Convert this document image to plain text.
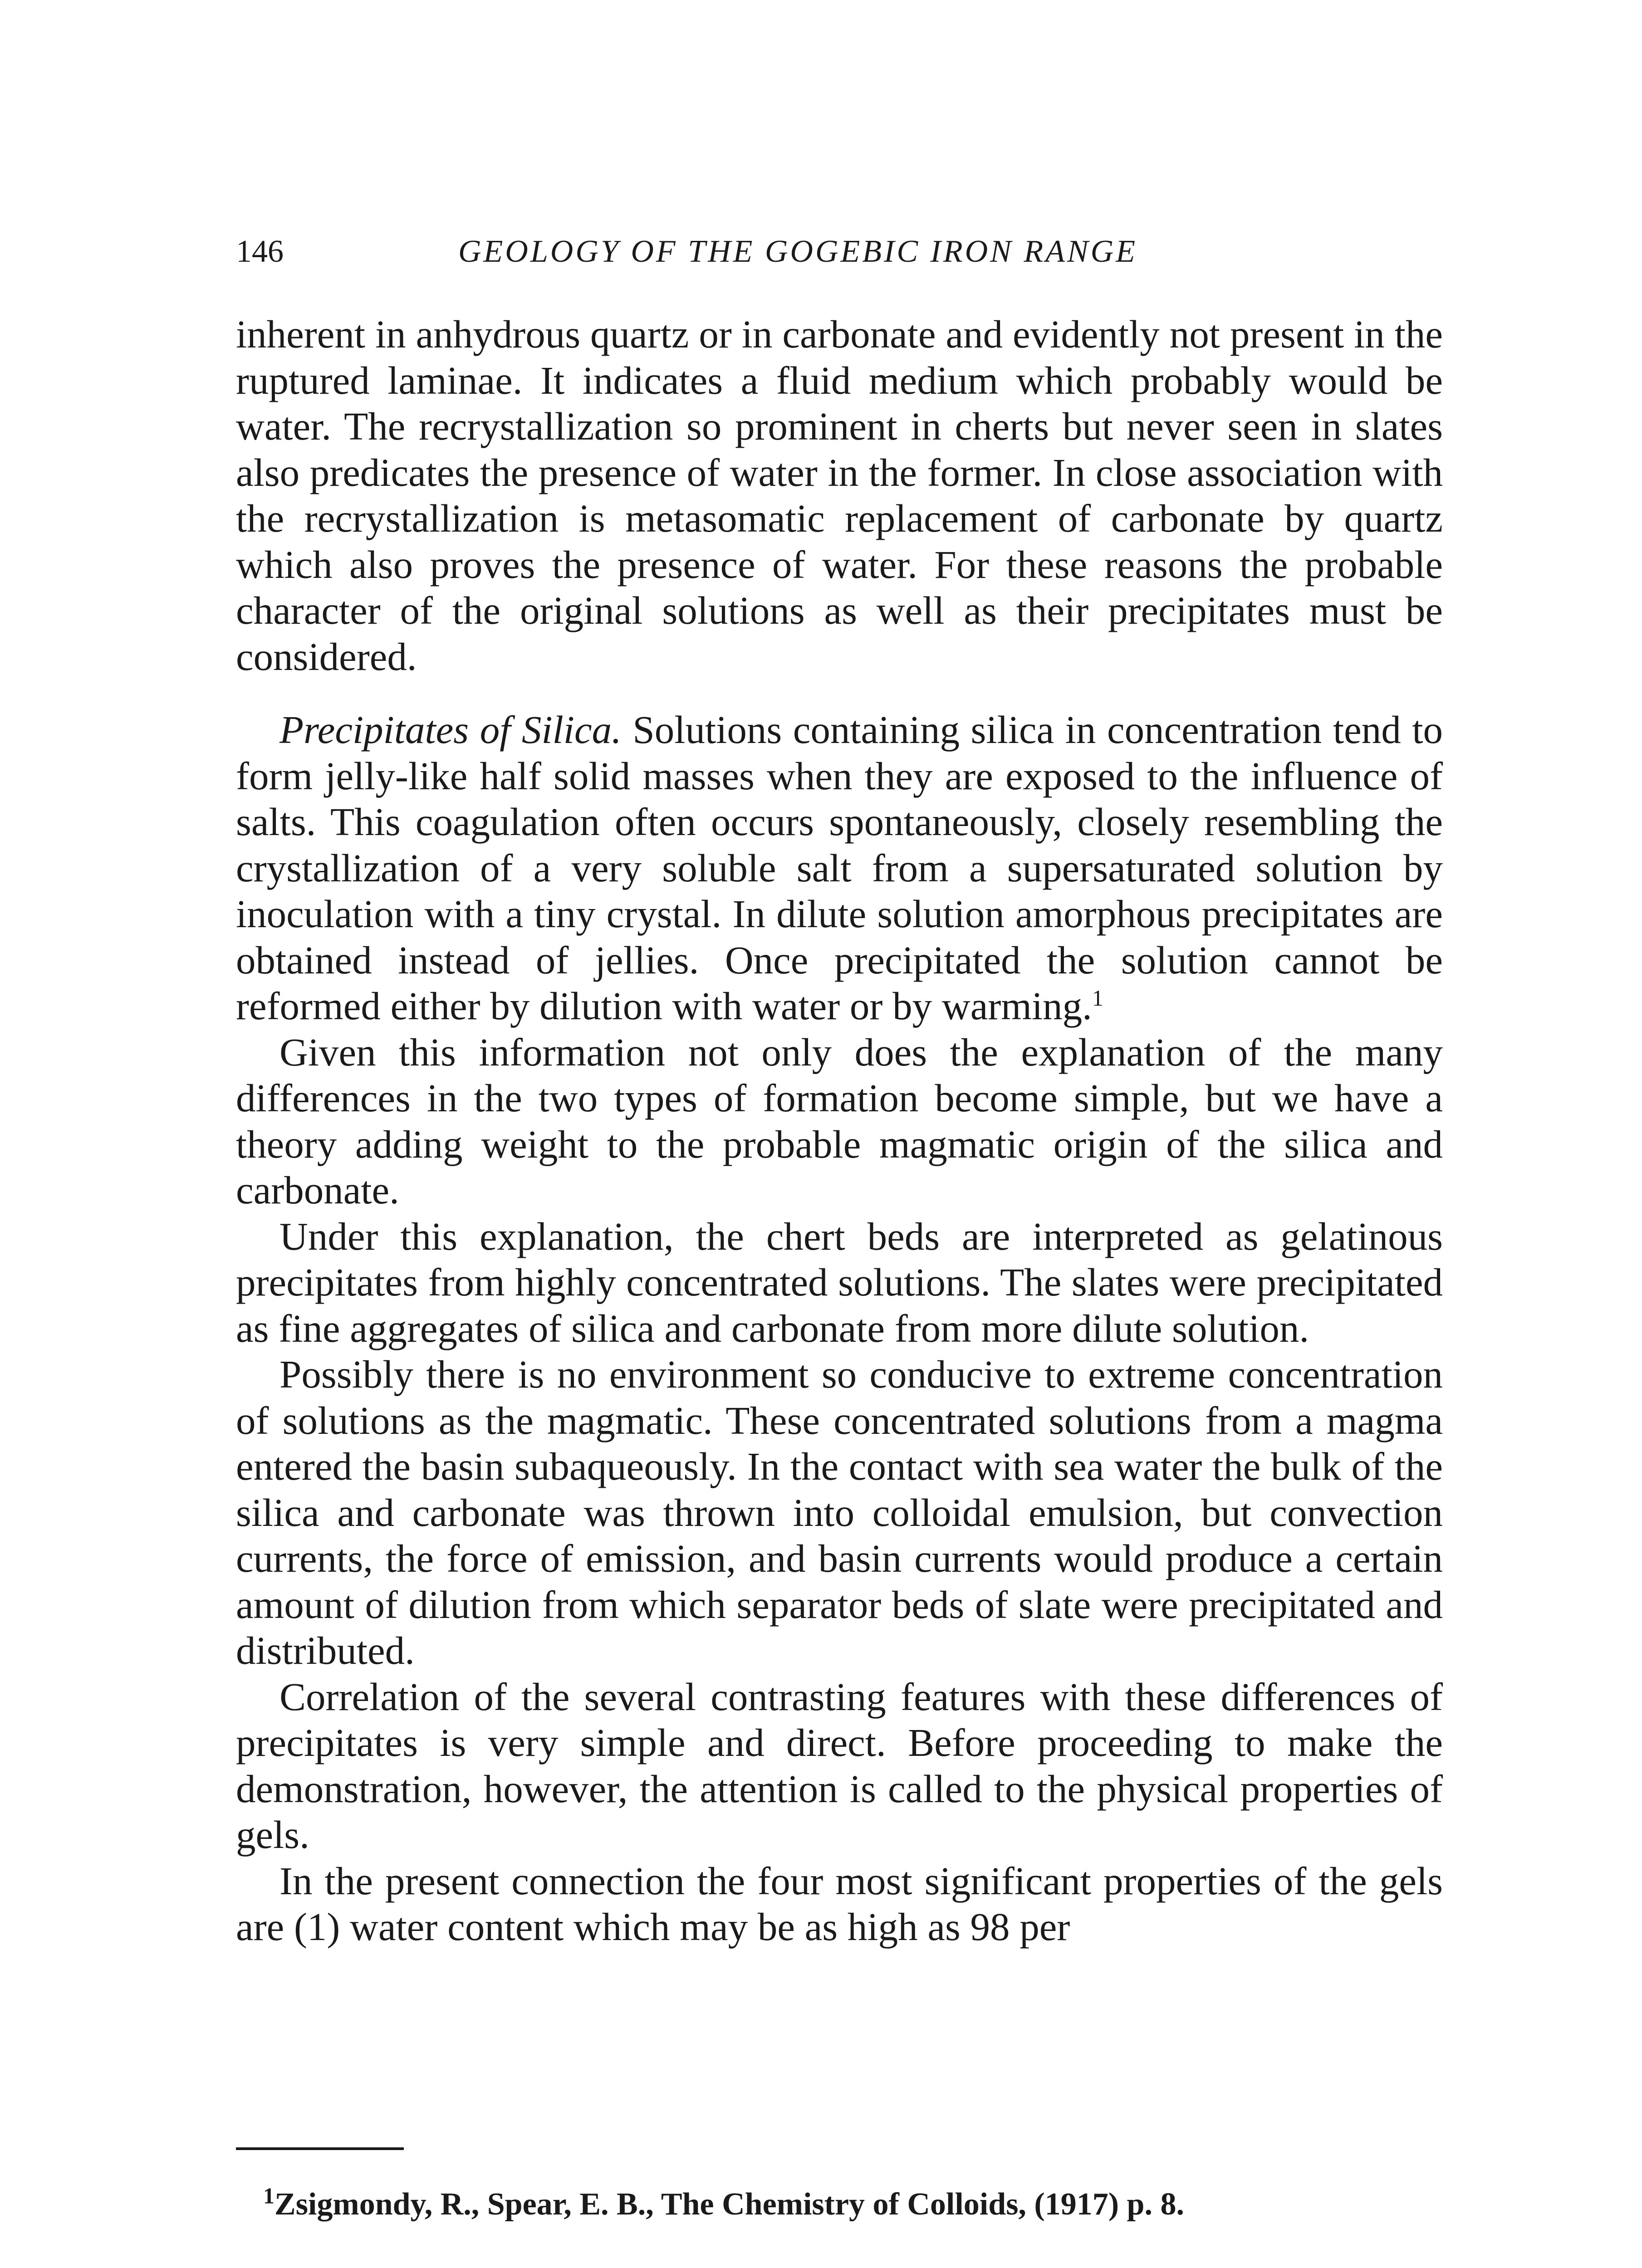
146	GEOLOGY OF THE GOGEBIC IRON RANGE

inherent in anhydrous quartz or in carbonate and evidently not present in the ruptured laminae. It indicates a fluid medium which probably would be water. The recrystallization so prominent in cherts but never seen in slates also predicates the presence of water in the former. In close association with the recrystallization is metasomatic replacement of carbonate by quartz which also proves the presence of water. For these reasons the probable character of the original solutions as well as their precipitates must be considered.

Precipitates of Silica. Solutions containing silica in concentration tend to form jelly-like half solid masses when they are exposed to the influence of salts. This coagulation often occurs spontaneously, closely resembling the crystallization of a very soluble salt from a supersaturated solution by inoculation with a tiny crystal. In dilute solution amorphous precipitates are obtained instead of jellies. Once precipitated the solution cannot be reformed either by dilution with water or by warming.$^1$

Given this information not only does the explanation of the many differences in the two types of formation become simple, but we have a theory adding weight to the probable magmatic origin of the silica and carbonate.

Under this explanation, the chert beds are interpreted as gelatinous precipitates from highly concentrated solutions. The slates were precipitated as fine aggregates of silica and carbonate from more dilute solution.

Possibly there is no environment so conducive to extreme concentration of solutions as the magmatic. These concentrated solutions from a magma entered the basin subaqueously. In the contact with sea water the bulk of the silica and carbonate was thrown into colloidal emulsion, but convection currents, the force of emission, and basin currents would produce a certain amount of dilution from which separator beds of slate were precipitated and distributed.

Correlation of the several contrasting features with these differences of precipitates is very simple and direct. Before proceeding to make the demonstration, however, the attention is called to the physical properties of gels.

In the present connection the four most significant properties of the gels are (1) water content which may be as high as 98 per

$^1$Zsigmondy, R., Spear, E. B., The Chemistry of Colloids, (1917) p. 8.
